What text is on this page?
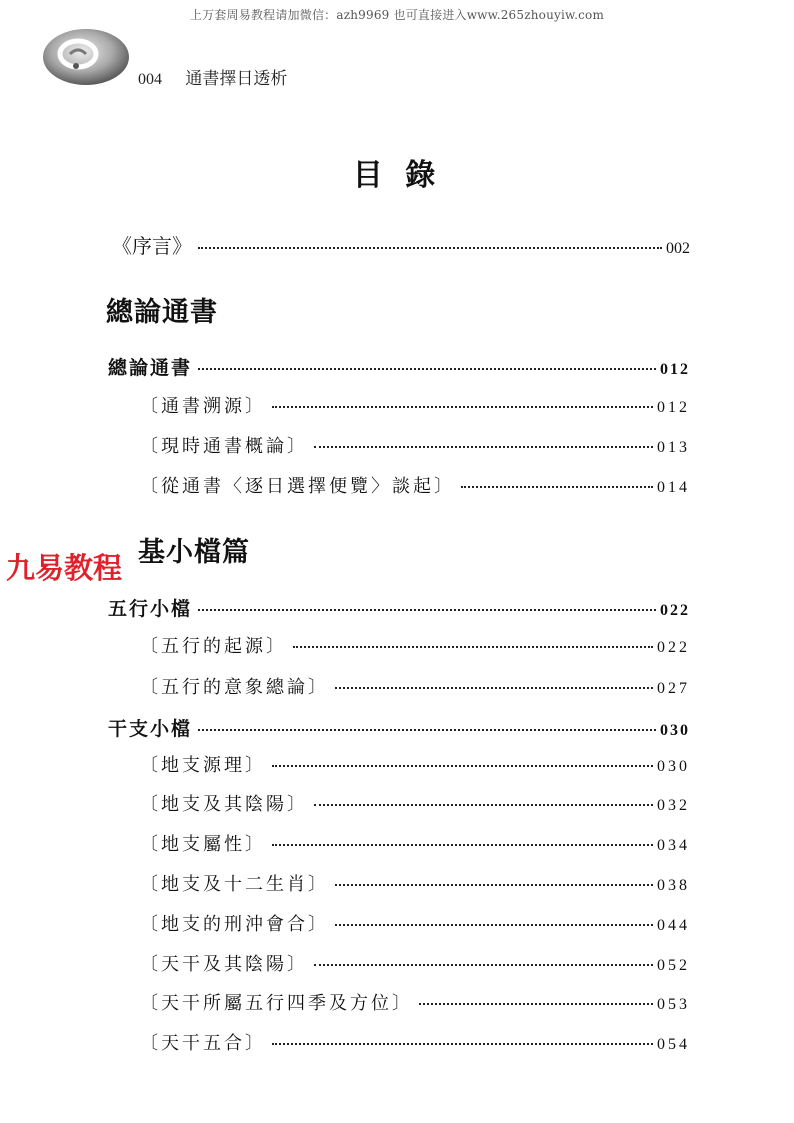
上万套周易教程请加微信：azh9969 也可直接进入www.265zhouyiw.com
004 通書擇日透析
目 錄
《序言》	002
總論通書
總論通書	012
〔通書溯源〕	012
〔現時通書概論〕	013
〔從通書〈逐日選擇便覽〉談起〕	014
基小檔篇
九易教程
五行小檔	022
〔五行的起源〕	022
〔五行的意象總論〕	027
干支小檔	030
〔地支源理〕	030
〔地支及其陰陽〕	032
〔地支屬性〕	034
〔地支及十二生肖〕	038
〔地支的刑沖會合〕	044
〔天干及其陰陽〕	052
〔天干所屬五行四季及方位〕	053
〔天干五合〕	054
